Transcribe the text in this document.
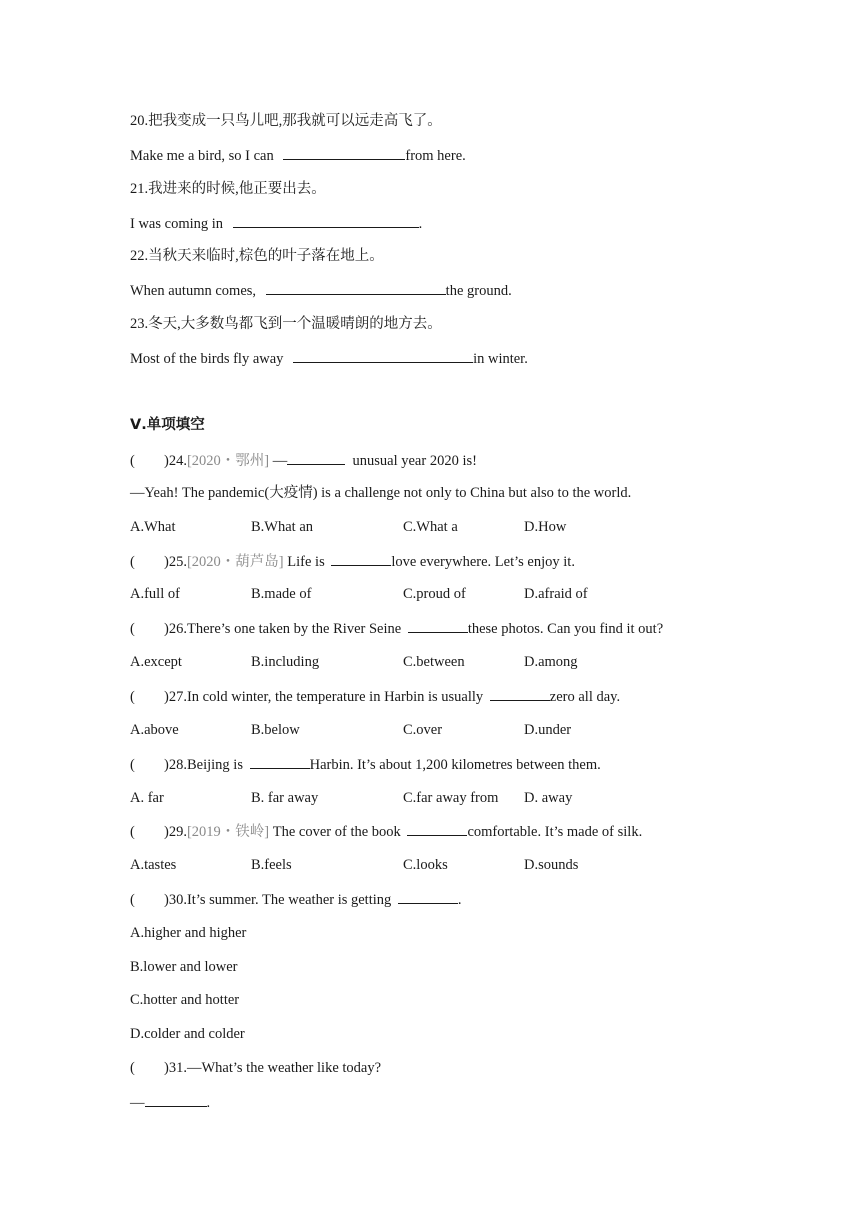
20.把我变成一只鸟儿吧,那我就可以远走高飞了。
Make me a bird, so I can	from here.
21.我进来的时候,他正要出去。
I was coming in	.
22.当秋天来临时,棕色的叶子落在地上。
When autumn comes,	the ground.
23.冬天,大多数鸟都飞到一个温暖晴朗的地方去。
Most of the birds fly away	in winter.
Ⅴ.单项填空
( )24.[2020・鄂州] —	unusual year 2020 is!
—Yeah! The pandemic(大疫情) is a challenge not only to China but also to the world.
A.What	B.What an	C.What a	D.How
( )25.[2020・葫芦岛] Life is	love everywhere. Let’s enjoy it.
A.full of	B.made of	C.proud of	D.afraid of
( )26.There’s one taken by the River Seine	these photos. Can you find it out?
A.except	B.including	C.between	D.among
( )27.In cold winter, the temperature in Harbin is usually	zero all day.
A.above	B.below	C.over	D.under
( )28.Beijing is	Harbin. It’s about 1,200 kilometres between them.
A. far	B. far away	C.far away from D. away
( )29.[2019・铁岭] The cover of the book	comfortable. It’s made of silk.
A.tastes	B.feels	C.looks	D.sounds
( )30.It’s summer. The weather is getting	.
A.higher and higher
B.lower and lower
C.hotter and hotter
D.colder and colder
( )31.—What’s the weather like today?
—	.
